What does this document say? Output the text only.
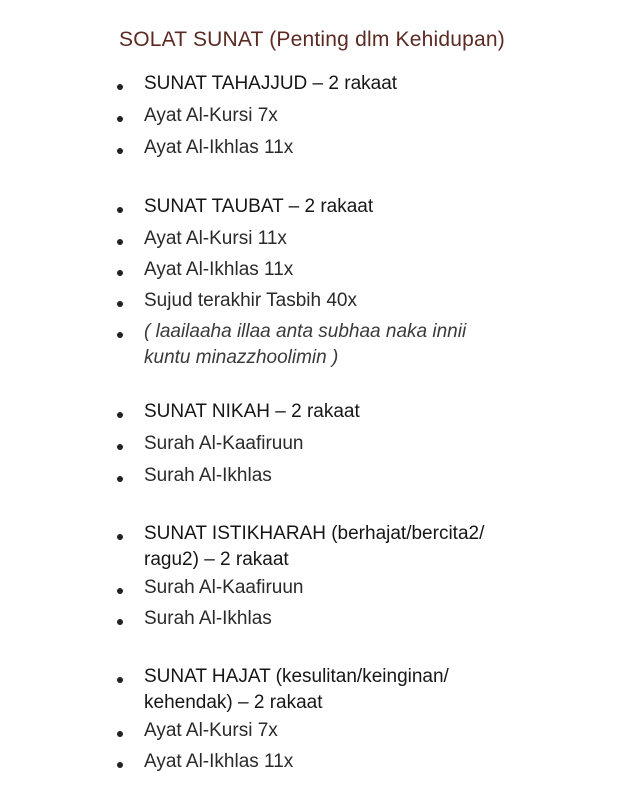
SOLAT SUNAT (Penting dlm Kehidupan)
SUNAT TAHAJJUD – 2 rakaat
Ayat Al-Kursi 7x
Ayat Al-Ikhlas 11x
SUNAT TAUBAT – 2 rakaat
Ayat Al-Kursi 11x
Ayat Al-Ikhlas 11x
Sujud terakhir Tasbih 40x
( laailaaha illaa anta subhaa naka innii
kuntu minazzhoolimin )
SUNAT NIKAH – 2 rakaat
Surah Al-Kaafiruun
Surah Al-Ikhlas
SUNAT ISTIKHARAH (berhajat/bercita2/
ragu2) – 2 rakaat
Surah Al-Kaafiruun
Surah Al-Ikhlas
SUNAT HAJAT (kesulitan/keinginan/
kehendak) – 2 rakaat
Ayat Al-Kursi 7x
Ayat Al-Ikhlas 11x
